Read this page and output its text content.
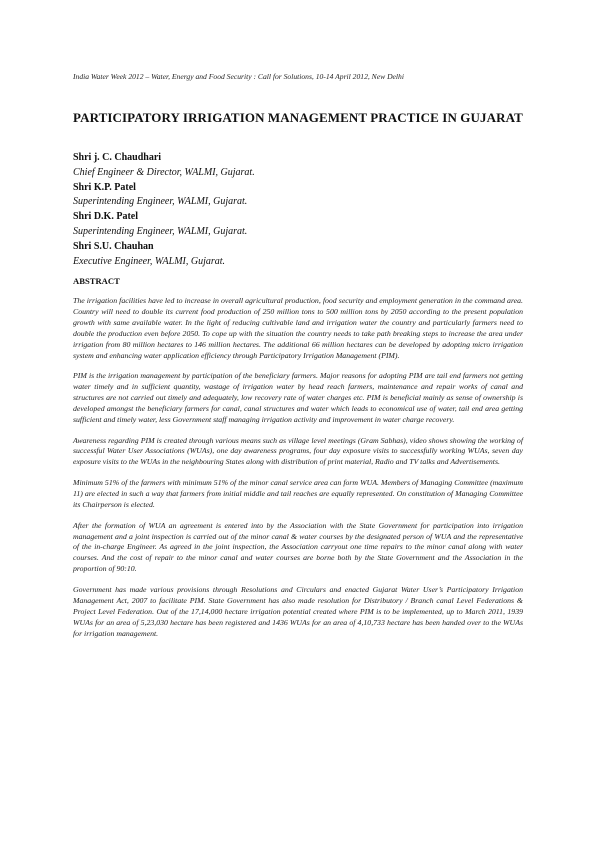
India Water Week 2012 – Water, Energy and Food Security : Call for Solutions, 10-14 April 2012, New Delhi
PARTICIPATORY IRRIGATION MANAGEMENT PRACTICE IN GUJARAT
Shri j. C. Chaudhari
Chief Engineer & Director, WALMI, Gujarat.
Shri K.P. Patel
Superintending Engineer, WALMI, Gujarat.
Shri D.K. Patel
Superintending Engineer, WALMI, Gujarat.
Shri S.U. Chauhan
Executive Engineer, WALMI, Gujarat.
ABSTRACT

The irrigation facilities have led to increase in overall agricultural production, food security and employment generation in the command area. Country will need to double its current food production of 250 million tons to 500 million tons by 2050 according to the present population growth with same available water. In the light of reducing cultivable land and irrigation water the country and particularly farmers need to double the production even before 2050. To cope up with the situation the country needs to take path breaking steps to increase the area under irrigation from 80 million hectares to 146 million hectares. The additional 66 million hectares can be developed by adopting micro irrigation system and enhancing water application efficiency through Participatory Irrigation Management (PIM).

PIM is the irrigation management by participation of the beneficiary farmers. Major reasons for adopting PIM are tail end farmers not getting water timely and in sufficient quantity, wastage of irrigation water by head reach farmers, maintenance and repair works of canal and structures are not carried out timely and adequately, low recovery rate of water charges etc. PIM is beneficial mainly as sense of ownership is developed amongst the beneficiary farmers for canal, canal structures and water which leads to economical use of water, tail end area getting sufficient and timely water, less Government staff managing irrigation activity and improvement in water charge recovery.

Awareness regarding PIM is created through various means such as village level meetings (Gram Sabhas), video shows showing the working of successful Water User Associations (WUAs), one day awareness programs, four day exposure visits to successfully working WUAs, seven day exposure visits to the WUAs in the neighbouring States along with distribution of print material, Radio and TV talks and Advertisements.

Minimum 51% of the farmers with minimum 51% of the minor canal service area can form WUA. Members of Managing Committee (maximum 11) are elected in such a way that farmers from initial middle and tail reaches are equally represented. On constitution of Managing Committee its Chairperson is elected.

After the formation of WUA an agreement is entered into by the Association with the State Government for participation into irrigation management and a joint inspection is carried out of the minor canal & water courses by the designated person of WUA and the representative of the in-charge Engineer. As agreed in the joint inspection, the Association carryout one time repairs to the minor canal along with water courses. And the cost of repair to the minor canal and water courses are borne both by the State Government and the Association in the proportion of 90:10.

Government has made various provisions through Resolutions and Circulars and enacted Gujarat Water User’s Participatory Irrigation Management Act, 2007 to facilitate PIM. State Government has also made resolution for Distributory / Branch canal Level Federations & Project Level Federation. Out of the 17,14,000 hectare irrigation potential created where PIM is to be implemented, up to March 2011, 1939 WUAs for an area of 5,23,030 hectare has been registered and 1436 WUAs for an area of 4,10,733 hectare has been handed over to the WUAs for irrigation management.
